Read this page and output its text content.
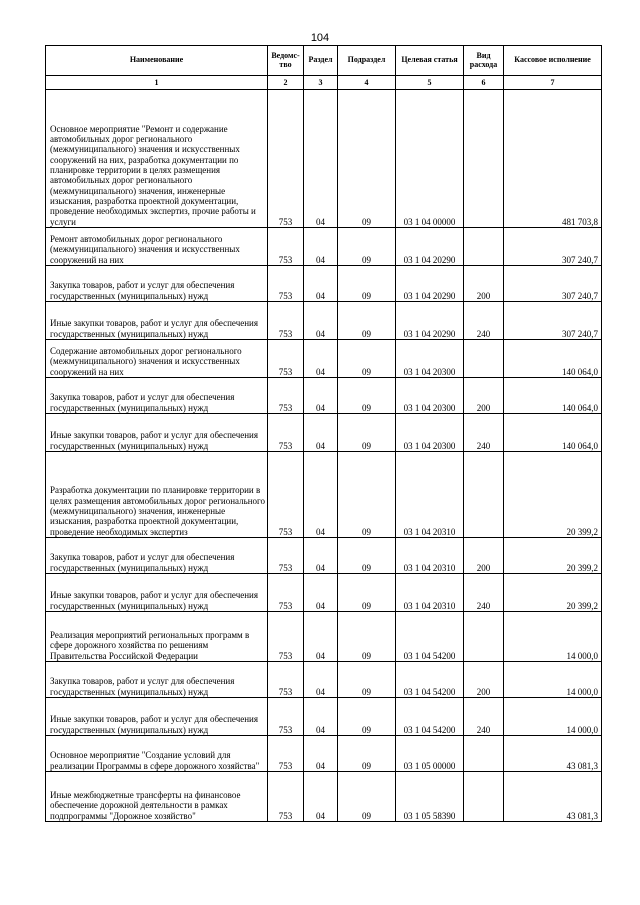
104
Наименование	Ведомс-тво	Раздел	Подраздел	Целевая статья	Вид расхода	Кассовое исполнение
1	2	3	4	5	6	7
Основное мероприятие "Ремонт и содержание автомобильных дорог регионального (межмуниципального) значения и искусственных сооружений на них, разработка документации по планировке территории в целях размещения автомобильных дорог регионального (межмуниципального) значения, инженерные изыскания, разработка проектной документации, проведение необходимых экспертиз, прочие работы и услуги	753	04	09	03 1 04 00000		481 703,8
Ремонт автомобильных дорог регионального (межмуниципального) значения и искусственных сооружений на них	753	04	09	03 1 04 20290		307 240,7
Закупка товаров, работ и услуг для обеспечения государственных (муниципальных) нужд	753	04	09	03 1 04 20290	200	307 240,7
Иные закупки товаров, работ и услуг для обеспечения государственных (муниципальных) нужд	753	04	09	03 1 04 20290	240	307 240,7
Содержание автомобильных дорог регионального (межмуниципального) значения и искусственных сооружений на них	753	04	09	03 1 04 20300		140 064,0
Закупка товаров, работ и услуг для обеспечения государственных (муниципальных) нужд	753	04	09	03 1 04 20300	200	140 064,0
Иные закупки товаров, работ и услуг для обеспечения государственных (муниципальных) нужд	753	04	09	03 1 04 20300	240	140 064,0
Разработка документации по планировке территории в целях размещения автомобильных дорог регионального (межмуниципального) значения, инженерные изыскания, разработка проектной документации, проведение необходимых экспертиз	753	04	09	03 1 04 20310		20 399,2
Закупка товаров, работ и услуг для обеспечения государственных (муниципальных) нужд	753	04	09	03 1 04 20310	200	20 399,2
Иные закупки товаров, работ и услуг для обеспечения государственных (муниципальных) нужд	753	04	09	03 1 04 20310	240	20 399,2
Реализация мероприятий региональных программ в сфере дорожного хозяйства по решениям Правительства Российской Федерации	753	04	09	03 1 04 54200		14 000,0
Закупка товаров, работ и услуг для обеспечения государственных (муниципальных) нужд	753	04	09	03 1 04 54200	200	14 000,0
Иные закупки товаров, работ и услуг для обеспечения государственных (муниципальных) нужд	753	04	09	03 1 04 54200	240	14 000,0
Основное мероприятие "Создание условий для реализации Программы в сфере дорожного хозяйства"	753	04	09	03 1 05 00000		43 081,3
Иные межбюджетные трансферты на финансовое обеспечение дорожной деятельности в рамках подпрограммы "Дорожное хозяйство"	753	04	09	03 1 05 58390		43 081,3
